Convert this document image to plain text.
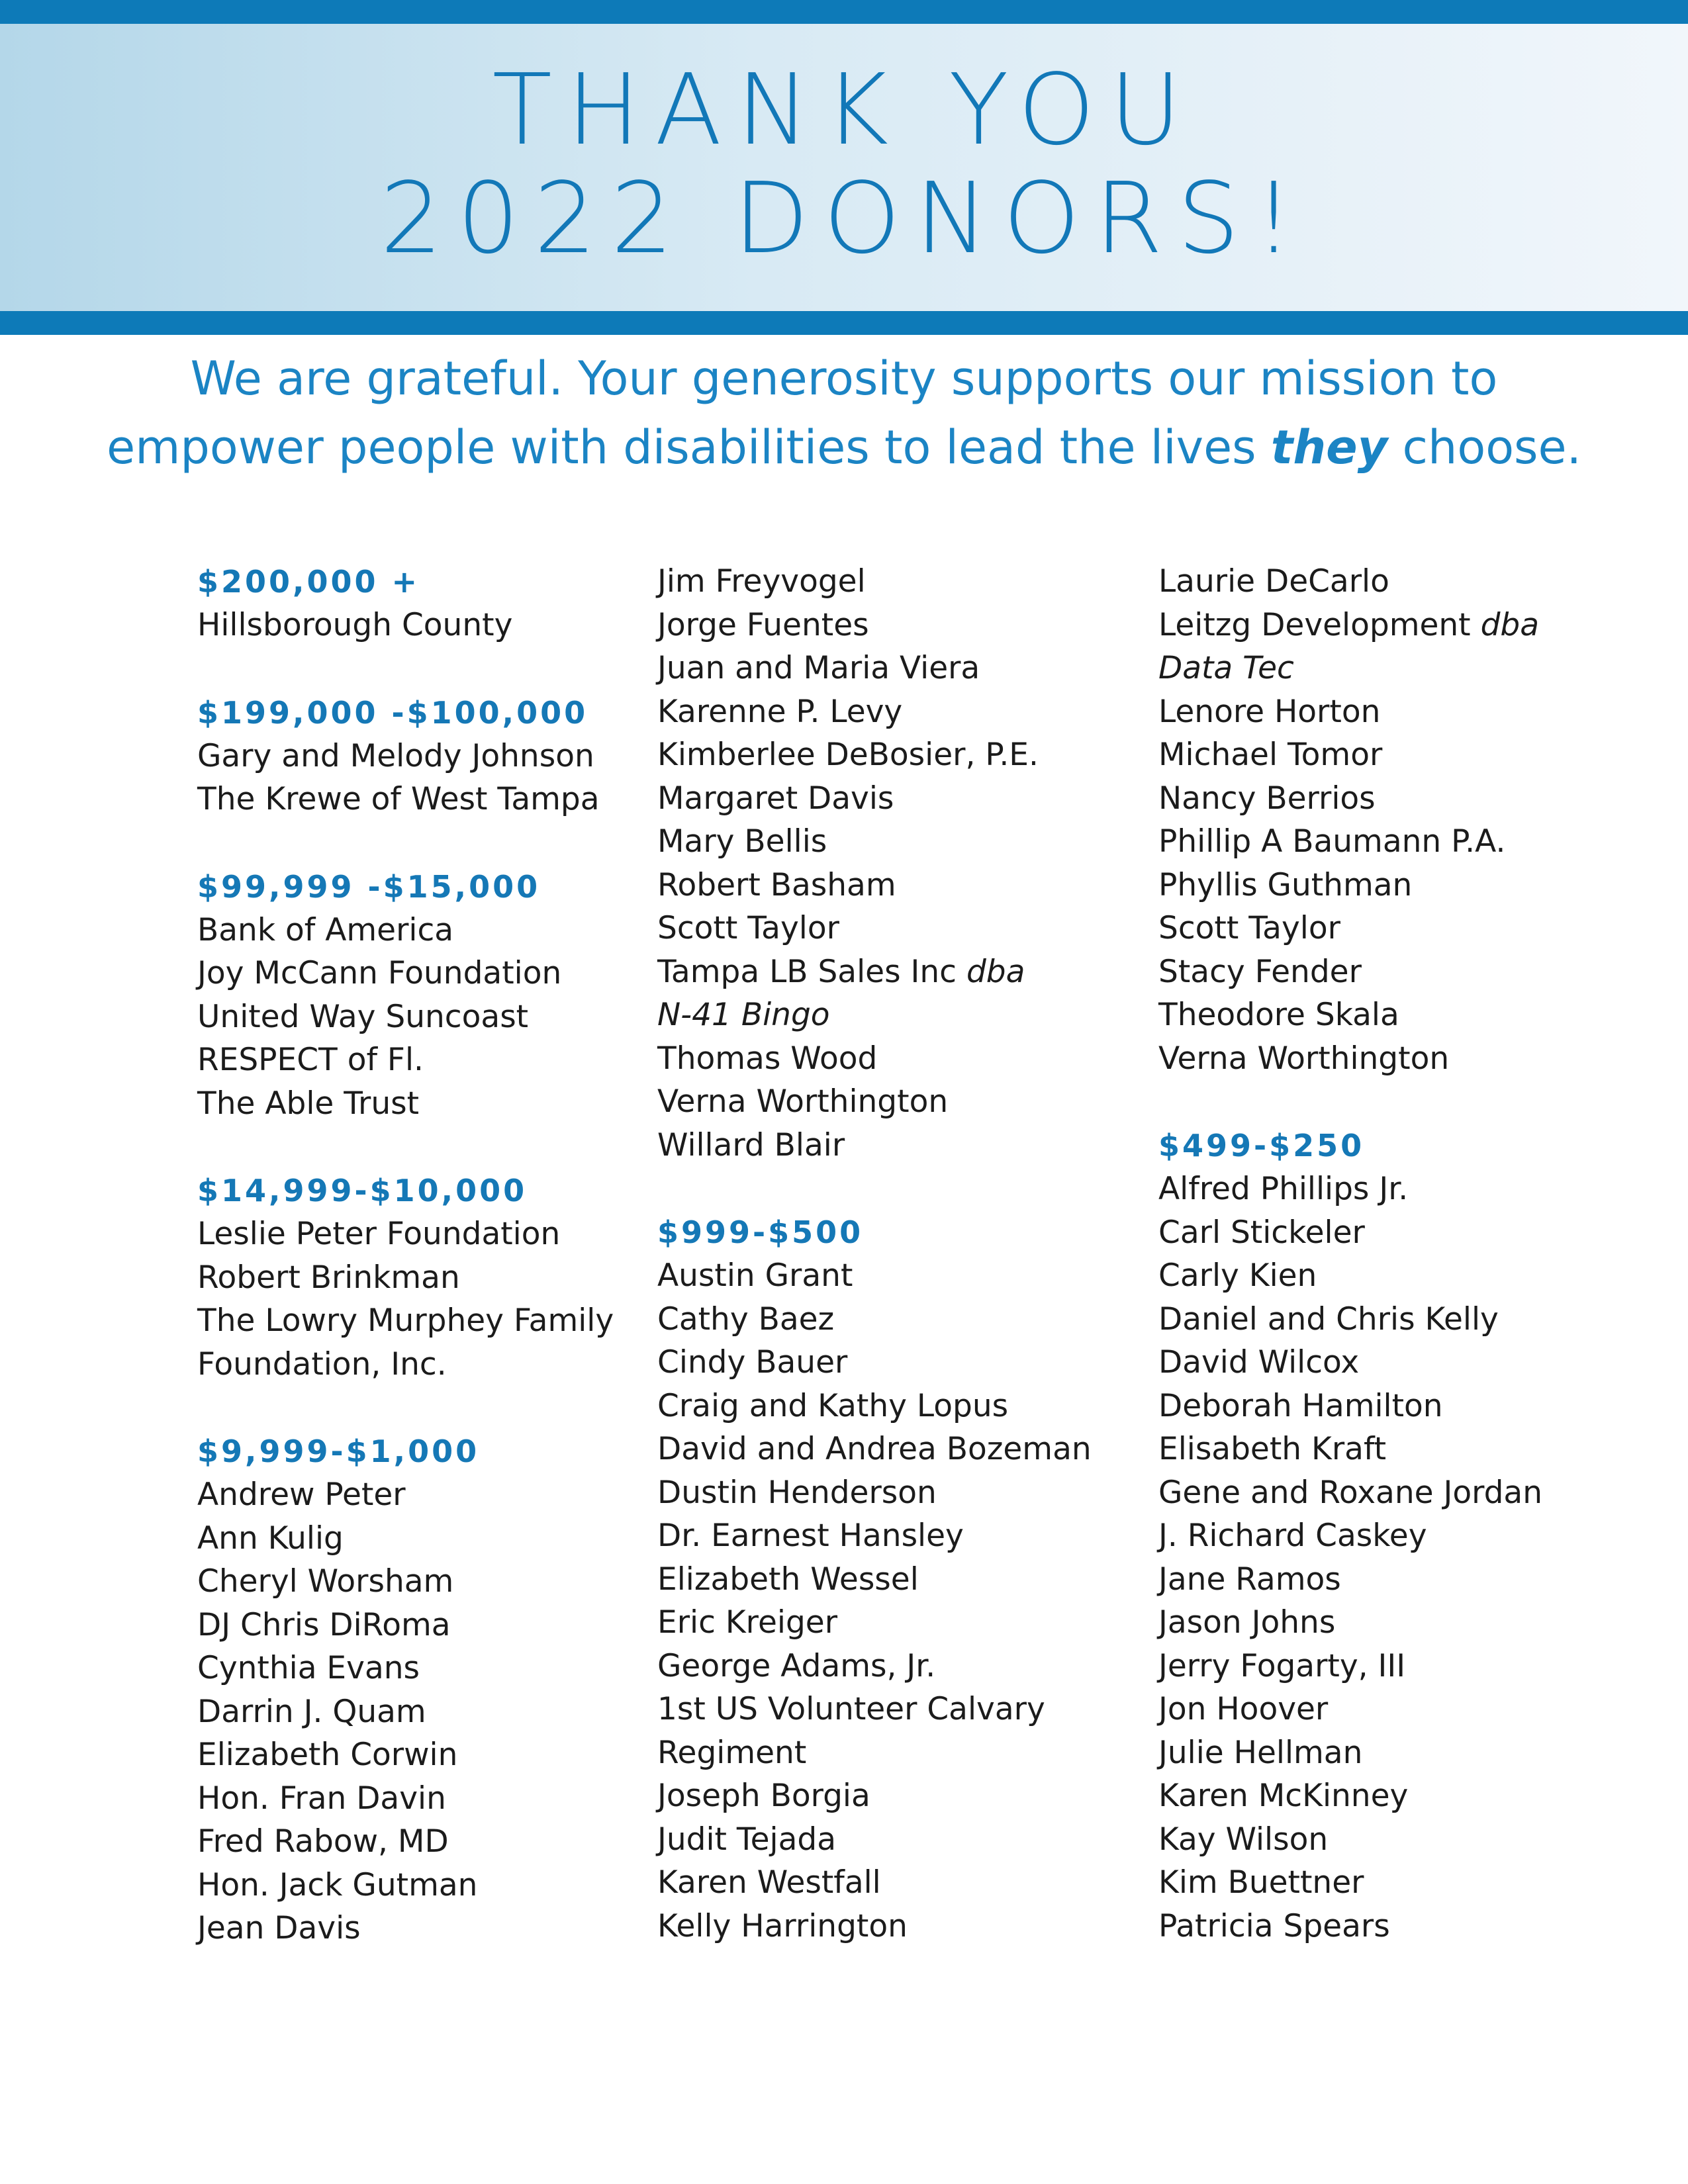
THANK YOU
2022 DONORS!
We are grateful. Your generosity supports our mission to
empower people with disabilities to lead the lives they choose.
$200,000 +
Hillsborough County
$199,000 -$100,000
Gary and Melody Johnson
The Krewe of West Tampa
$99,999 -$15,000
Bank of America
Joy McCann Foundation
United Way Suncoast
RESPECT of Fl.
The Able Trust
$14,999-$10,000
Leslie Peter Foundation
Robert Brinkman
The Lowry Murphey Family
Foundation, Inc.
$9,999-$1,000
Andrew Peter
Ann Kulig
Cheryl Worsham
DJ Chris DiRoma
Cynthia Evans
Darrin J. Quam
Elizabeth Corwin
Hon. Fran Davin
Fred Rabow, MD
Hon. Jack Gutman
Jean Davis
Jim Freyvogel
Jorge Fuentes
Juan and Maria Viera
Karenne P. Levy
Kimberlee DeBosier, P.E.
Margaret Davis
Mary Bellis
Robert Basham
Scott Taylor
Tampa LB Sales Inc dba
N-41 Bingo
Thomas Wood
Verna Worthington
Willard Blair
$999-$500
Austin Grant
Cathy Baez
Cindy Bauer
Craig and Kathy Lopus
David and Andrea Bozeman
Dustin Henderson
Dr. Earnest Hansley
Elizabeth Wessel
Eric Kreiger
George Adams, Jr.
1st US Volunteer Calvary
Regiment
Joseph Borgia
Judit Tejada
Karen Westfall
Kelly Harrington
Laurie DeCarlo
Leitzg Development dba
Data Tec
Lenore Horton
Michael Tomor
Nancy Berrios
Phillip A Baumann P.A.
Phyllis Guthman
Scott Taylor
Stacy Fender
Theodore Skala
Verna Worthington
$499-$250
Alfred Phillips Jr.
Carl Stickeler
Carly Kien
Daniel and Chris Kelly
David Wilcox
Deborah Hamilton
Elisabeth Kraft
Gene and Roxane Jordan
J. Richard Caskey
Jane Ramos
Jason Johns
Jerry Fogarty, III
Jon Hoover
Julie Hellman
Karen McKinney
Kay Wilson
Kim Buettner
Patricia Spears
